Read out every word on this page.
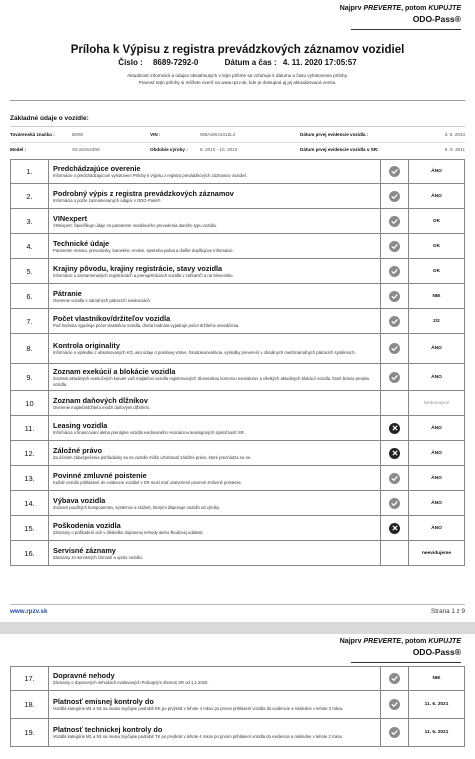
Najprv PREVERTE, potom KUPUJTE
ODO-Pass®
Príloha k Výpisu z registra prevádzkových záznamov vozidiel
Číslo : 8689-7292-0	Dátum a čas : 4. 11. 2020 17:05:57
Aktuálnosť informácií a údajov obsiahnutých v tejto prílohe sa vzťahuje k dátumu a času vyhotovenia prílohy.
Pravosť tejto prílohy si môžete overiť na www.rpzv.sk, kde je dostupná aj jej aktualizovaná verzia.
Základné údaje o vozidle:
Továrenská značka :	BMW	VIN :	WBA2W41010L4	Dátum prvej evidencie vozidla :	3. 8. 2010
Model :	X5 xDrive30d	Obdobie výroby :	5. 2010 - 10. 2010	Dátum prvej evidencie vozidla v SR:	6. 9. 2011
1.	Predchádzajúce overenie
Informácie o predchádzajúcom vyhotovení Prílohy k Výpisu z registra prevádzkových záznamov vozidiel.
ÁNO
2.	Podrobný výpis z registra prevádzkových záznamov
Informácia o počte zaznamenaných údajov v ODO-Pass®.
ÁNO
3.	VINexpert
VINexpert: Špecifikuje údaje zo parametre modelového prevedenia daného typu vozidla.
OK
4.	Technické údaje
Parametre motora, prevodovky, karosérie, emisie, spotreba paliva a ďalšie doplňujúce informácie.
OK
5.	Krajiny pôvodu, krajiny registrácie, stavy vozidla
Informácie o zaznamenaných registráciách a preregistráciách vozidla v zahraničí a na Slovensku.
OK
6.	Pátranie
Overenie vozidla v národných pátracích evidenciách.
NIE
7.	Počet vlastníkov/držiteľov vozidla
Pod hodnota vyjadruje počet vlastníkov vozidla, druhá hodnota vyjadruje počet držiteľov osvedčenia.
2/2
8.	Kontrola originality
Informácie o výsledku z absolvovaných KO, ako údaje o posilovej vrstve, fotodokumentácia, výsledky preverení v oficiálnych medzinárodných pátracích systémoch.
ÁNO
9.
Zoznam exekúcií a blokácie vozidla
Zoznam aktuálnych exekučných konaní voči majiteľovi vozidla registrovaných Slovenskou komorou exekútorov a všetkých aktuálnych blokácií vozidla, ktoré bránia prepisu vozidla.
ÁNO
10	Zoznam daňových dlžníkov
Overenie majiteľa/držiteľa medzi daňovými dlžníkmi.
Nedostupné
11.	Leasing vozidla
Informácia o financovaní alebo prenájme vozidla evidovaného Asociáciou leasingových spoločností SR.
ÁNO
12.	Záložné právo
Za účelom zabezpečenia pohľadávky sa na vozidlo môže vzťahovať záložné právo, ktoré prechádza na ne.
ÁNO
13.	Povinné zmluvné poistenie
Každé vozidlo prihlásené do evidencie vozidiel v SR musí mať uzatvorené povinné zmluvné poistenie.
ÁNO
14.	Výbava vozidla
Zoznam použitých komponentov, systémov a služieb, ktorými disponuje vozidlo od výroby.
ÁNO
15.	Poškodenia vozidla
Záznamy o poškodení ach v dôsledku dopravnej nehody alebo škodovej udalosti.
ÁNO
16.	Servisné záznamy
Záznamy zo servisných činností a opráv vozidla.
neevidujeme
www.rpzv.sk	Strana 1 z 9
Najprv PREVERTE, potom KUPUJTE
ODO-Pass®
17.	Dopravné nehody
Záznamy o dopravných nehodách evidovaných Policajným zborom SR od 1.1.2020.
NIE
18.	Platnosť emisnej kontroly do
Vozidlá kategórie M1 a N1 sa musia zvyčajne podrobiť EK po prvýkrát v lehote 4 rokov po prvom prihlásení vozidla do evidencie a následne v lehote 2 rokov.
11. 6. 2021
19.	Platnosť technickej kontroly do
Vozidlá kategórie M1 a N1 sa musia zvyčajne podrobiť TK po prvýkrát v lehote 4 rokov po prvom prihlásení vozidla do evidencie a následne v lehote 2 rokov.
11. 6. 2021
